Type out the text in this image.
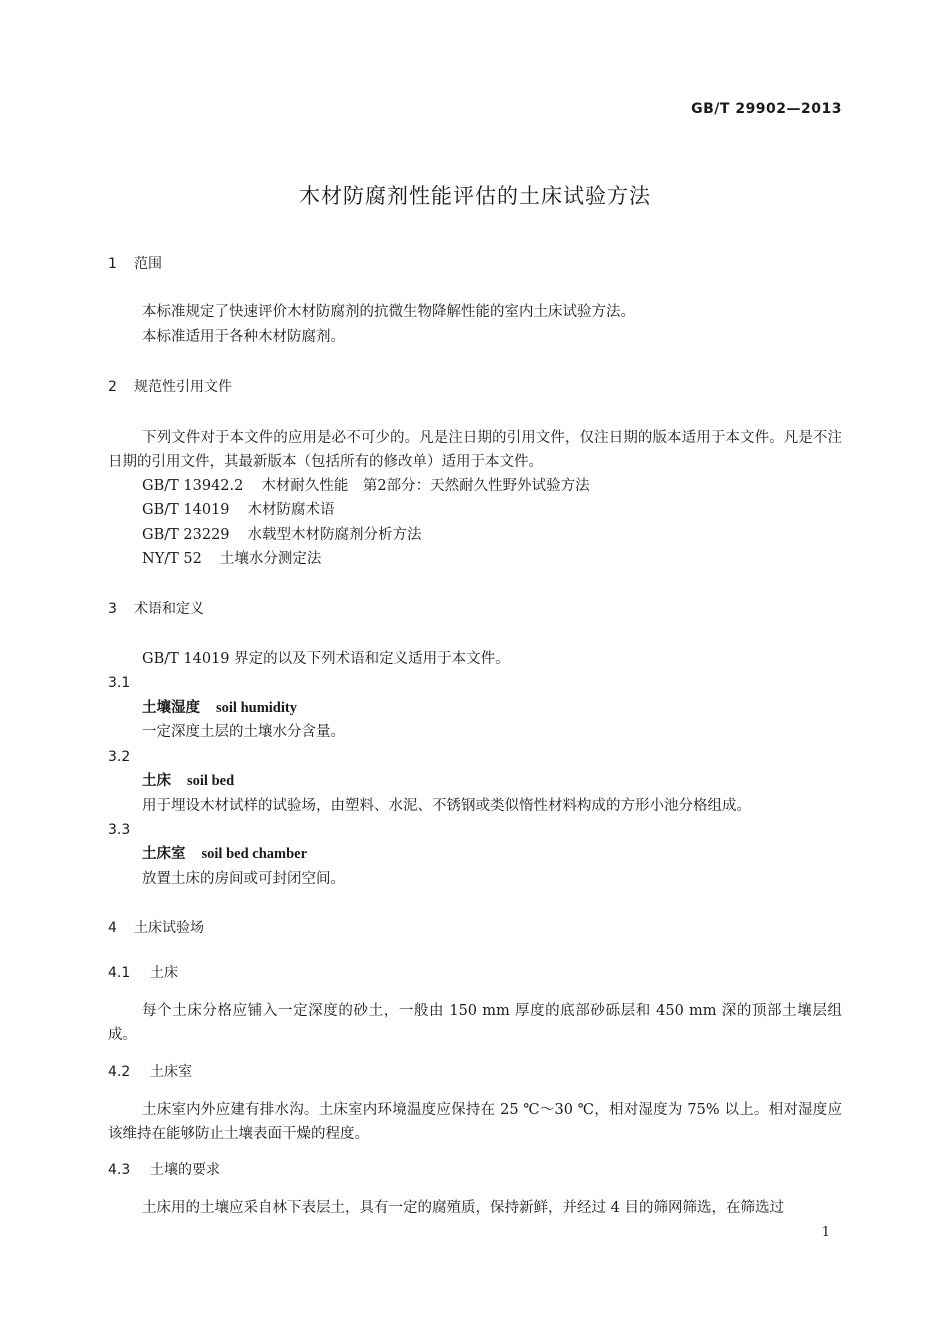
GB/T 29902—2013
木材防腐剂性能评估的土床试验方法
1 范围
本标准规定了快速评价木材防腐剂的抗微生物降解性能的室内土床试验方法。
本标准适用于各种木材防腐剂。
2 规范性引用文件
下列文件对于本文件的应用是必不可少的。凡是注日期的引用文件，仅注日期的版本适用于本文件。凡是不注日期的引用文件，其最新版本（包括所有的修改单）适用于本文件。
GB/T 13942.2 木材耐久性能　第2部分：天然耐久性野外试验方法
GB/T 14019 木材防腐术语
GB/T 23229 水载型木材防腐剂分析方法
NY/T 52 土壤水分测定法
3 术语和定义
GB/T 14019 界定的以及下列术语和定义适用于本文件。
3.1
土壤湿度 soil humidity
一定深度土层的土壤水分含量。
3.2
土床 soil bed
用于埋设木材试样的试验场，由塑料、水泥、不锈钢或类似惰性材料构成的方形小池分格组成。
3.3
土床室 soil bed chamber
放置土床的房间或可封闭空间。
4 土床试验场
4.1 土床
每个土床分格应铺入一定深度的砂土，一般由 150 mm 厚度的底部砂砾层和 450 mm 深的顶部土壤层组成。
4.2 土床室
土床室内外应建有排水沟。土床室内环境温度应保持在 25 ℃～30 ℃，相对湿度为 75% 以上。相对湿度应该维持在能够防止土壤表面干燥的程度。
4.3 土壤的要求
土床用的土壤应采自林下表层土，具有一定的腐殖质，保持新鲜，并经过 4 目的筛网筛选，在筛选过
1
